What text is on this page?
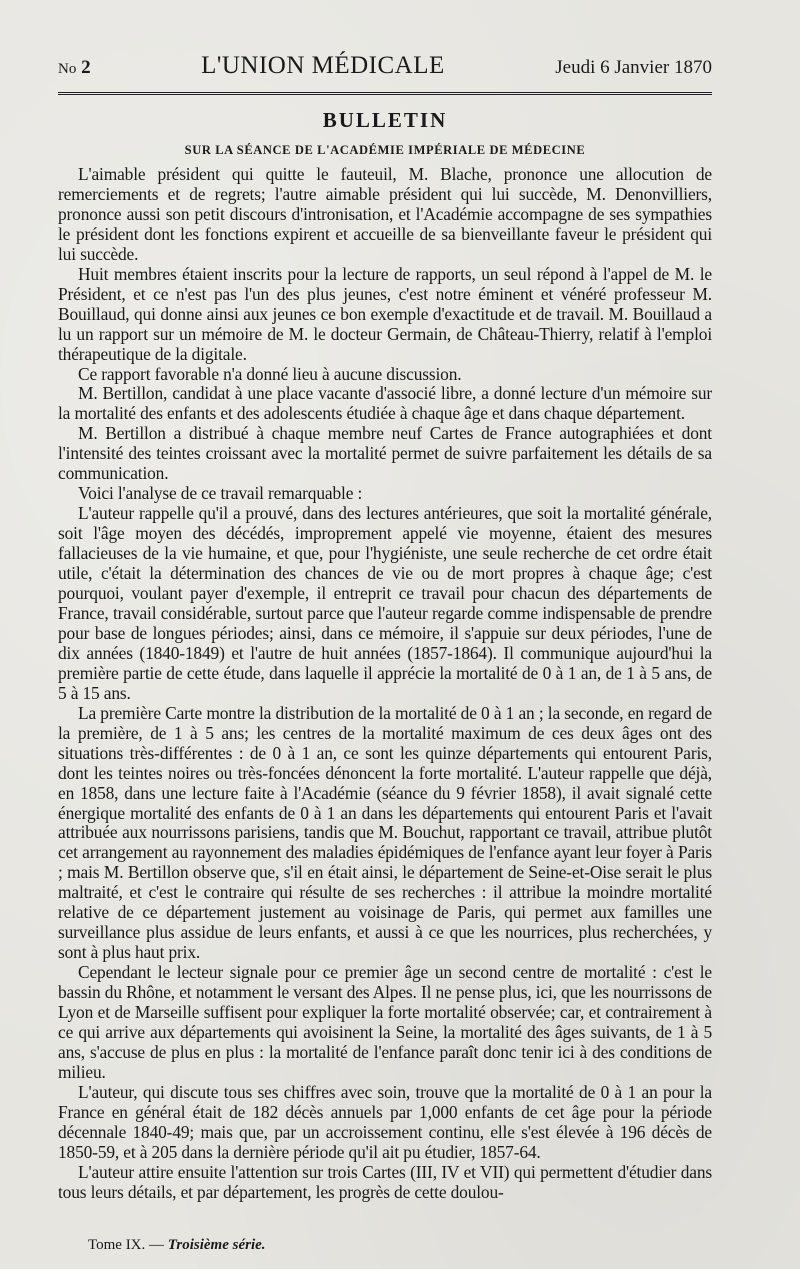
No 2	L'UNION MÉDICALE	Jeudi 6 Janvier 1870
BULLETIN
SUR LA SÉANCE DE L'ACADÉMIE IMPÉRIALE DE MÉDECINE

L'aimable président qui quitte le fauteuil, M. Blache, prononce une allocution de remerciements et de regrets; l'autre aimable président qui lui succède, M. Denonvilliers, prononce aussi son petit discours d'intronisation, et l'Académie accompagne de ses sympathies le président dont les fonctions expirent et accueille de sa bienveillante faveur le président qui lui succède.

Huit membres étaient inscrits pour la lecture de rapports, un seul répond à l'appel de M. le Président, et ce n'est pas l'un des plus jeunes, c'est notre éminent et vénéré professeur M. Bouillaud, qui donne ainsi aux jeunes ce bon exemple d'exactitude et de travail. M. Bouillaud a lu un rapport sur un mémoire de M. le docteur Germain, de Château-Thierry, relatif à l'emploi thérapeutique de la digitale.

Ce rapport favorable n'a donné lieu à aucune discussion.

M. Bertillon, candidat à une place vacante d'associé libre, a donné lecture d'un mémoire sur la mortalité des enfants et des adolescents étudiée à chaque âge et dans chaque département.

M. Bertillon a distribué à chaque membre neuf Cartes de France autographiées et dont l'intensité des teintes croissant avec la mortalité permet de suivre parfaitement les détails de sa communication.

Voici l'analyse de ce travail remarquable :

L'auteur rappelle qu'il a prouvé, dans des lectures antérieures, que soit la mortalité générale, soit l'âge moyen des décédés, improprement appelé vie moyenne, étaient des mesures fallacieuses de la vie humaine, et que, pour l'hygiéniste, une seule recherche de cet ordre était utile, c'était la détermination des chances de vie ou de mort propres à chaque âge; c'est pourquoi, voulant payer d'exemple, il entreprit ce travail pour chacun des départements de France, travail considérable, surtout parce que l'auteur regarde comme indispensable de prendre pour base de longues périodes; ainsi, dans ce mémoire, il s'appuie sur deux périodes, l'une de dix années (1840-1849) et l'autre de huit années (1857-1864). Il communique aujourd'hui la première partie de cette étude, dans laquelle il apprécie la mortalité de 0 à 1 an, de 1 à 5 ans, de 5 à 15 ans.

La première Carte montre la distribution de la mortalité de 0 à 1 an ; la seconde, en regard de la première, de 1 à 5 ans; les centres de la mortalité maximum de ces deux âges ont des situations très-différentes : de 0 à 1 an, ce sont les quinze départements qui entourent Paris, dont les teintes noires ou très-foncées dénoncent la forte mortalité. L'auteur rappelle que déjà, en 1858, dans une lecture faite à l'Académie (séance du 9 février 1858), il avait signalé cette énergique mortalité des enfants de 0 à 1 an dans les départements qui entourent Paris et l'avait attribuée aux nourrissons parisiens, tandis que M. Bouchut, rapportant ce travail, attribue plutôt cet arrangement au rayonnement des maladies épidémiques de l'enfance ayant leur foyer à Paris ; mais M. Bertillon observe que, s'il en était ainsi, le département de Seine-et-Oise serait le plus maltraité, et c'est le contraire qui résulte de ses recherches : il attribue la moindre mortalité relative de ce département justement au voisinage de Paris, qui permet aux familles une surveillance plus assidue de leurs enfants, et aussi à ce que les nourrices, plus recherchées, y sont à plus haut prix.

Cependant le lecteur signale pour ce premier âge un second centre de mortalité : c'est le bassin du Rhône, et notamment le versant des Alpes. Il ne pense plus, ici, que les nourrissons de Lyon et de Marseille suffisent pour expliquer la forte mortalité observée; car, et contrairement à ce qui arrive aux départements qui avoisinent la Seine, la mortalité des âges suivants, de 1 à 5 ans, s'accuse de plus en plus : la mortalité de l'enfance paraît donc tenir ici à des conditions de milieu.

L'auteur, qui discute tous ses chiffres avec soin, trouve que la mortalité de 0 à 1 an pour la France en général était de 182 décès annuels par 1,000 enfants de cet âge pour la période décennale 1840-49; mais que, par un accroissement continu, elle s'est élevée à 196 décès de 1850-59, et à 205 dans la dernière période qu'il ait pu étudier, 1857-64.

L'auteur attire ensuite l'attention sur trois Cartes (III, IV et VII) qui permettent d'étudier dans tous leurs détails, et par département, les progrès de cette doulou-

Tome IX. — Troisième série.
